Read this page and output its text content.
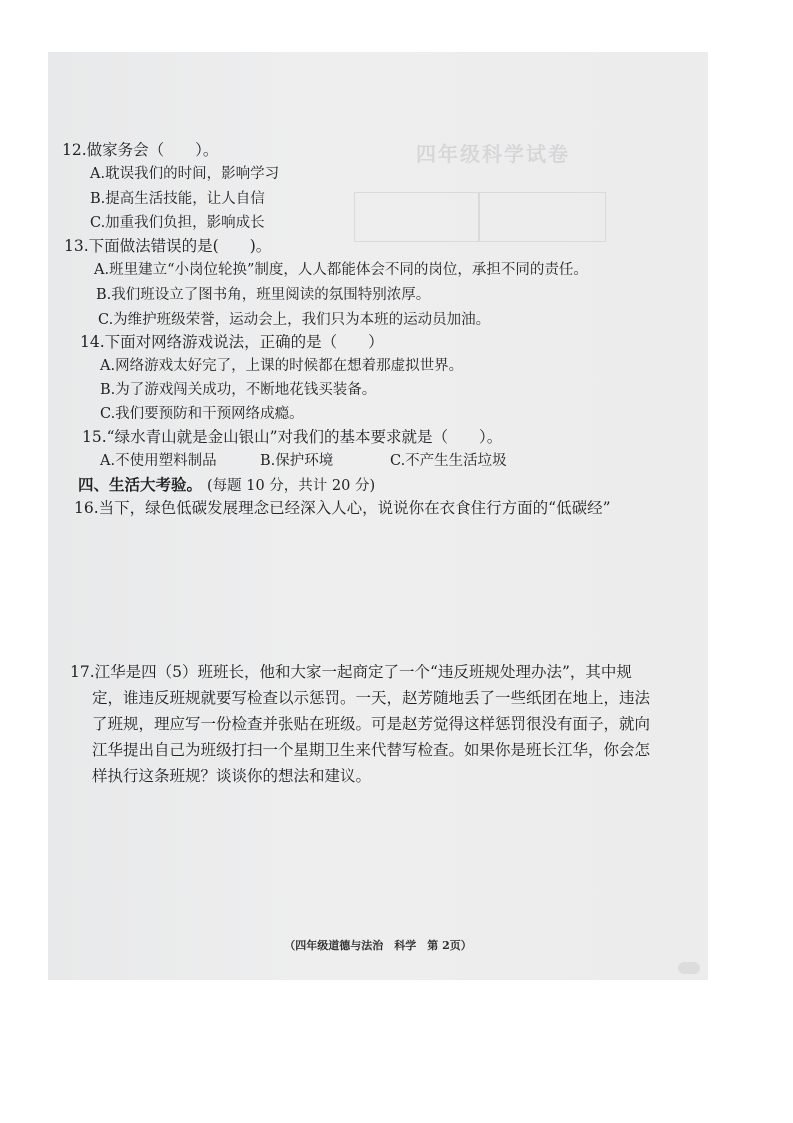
四年级科学试卷
12.做家务会（　　）。
A.耽误我们的时间，影响学习
B.提高生活技能，让人自信
C.加重我们负担，影响成长
13.下面做法错误的是(　　)。
A.班里建立“小岗位轮换”制度，人人都能体会不同的岗位，承担不同的责任。
B.我们班设立了图书角，班里阅读的氛围特别浓厚。
C.为维护班级荣誉，运动会上，我们只为本班的运动员加油。
14.下面对网络游戏说法，正确的是（　　）
A.网络游戏太好完了，上课的时候都在想着那虚拟世界。
B.为了游戏闯关成功，不断地花钱买装备。
C.我们要预防和干预网络成瘾。
15.“绿水青山就是金山银山”对我们的基本要求就是（　　）。
A.不使用塑料制品	B.保护环境	C.不产生生活垃圾
四、生活大考验。 (每题 10 分，共计 20 分)
16.当下，绿色低碳发展理念已经深入人心，说说你在衣食住行方面的“低碳经”
17.江华是四（5）班班长，他和大家一起商定了一个“违反班规处理办法”，其中规
定，谁违反班规就要写检查以示惩罚。一天，赵芳随地丢了一些纸团在地上，违法
了班规，理应写一份检查并张贴在班级。可是赵芳觉得这样惩罚很没有面子，就向
江华提出自己为班级打扫一个星期卫生来代替写检查。如果你是班长江华，你会怎
样执行这条班规？谈谈你的想法和建议。
（四年级道德与法治　科学　第 2页）
